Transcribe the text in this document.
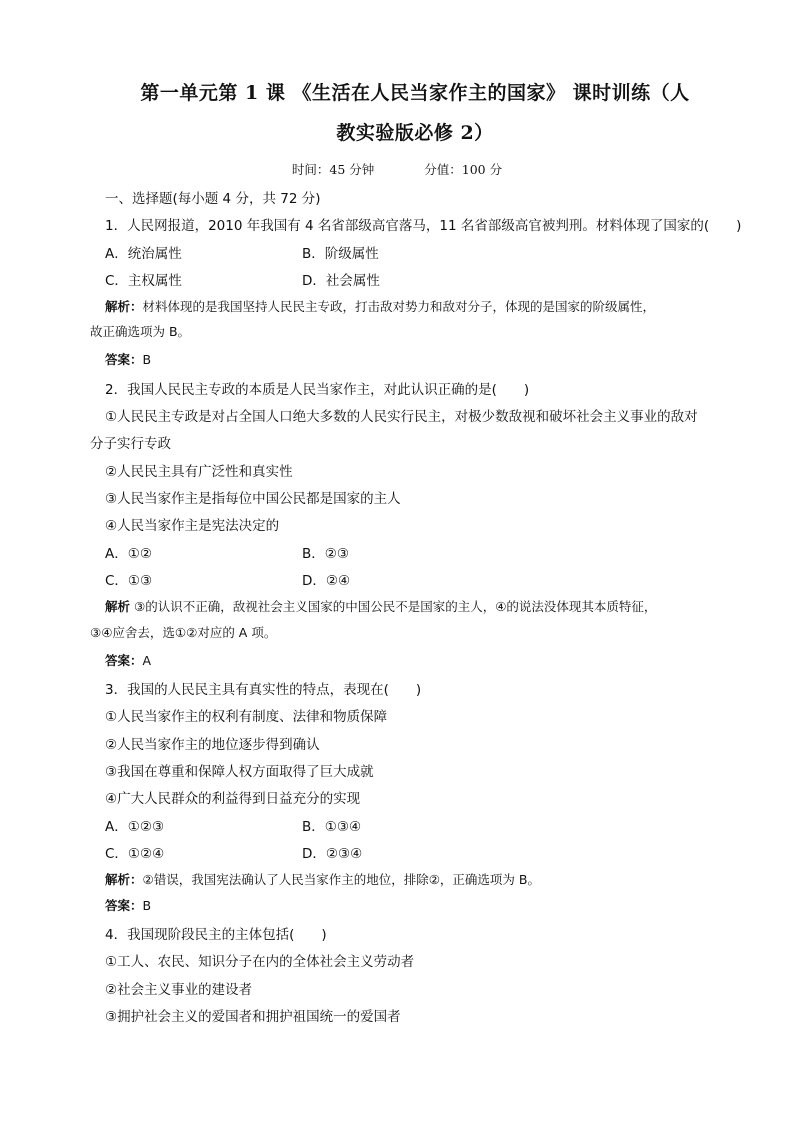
第一单元第 1 课 《生活在人民当家作主的国家》 课时训练（人
教实验版必修 2）
时间：45 分钟	分值：100 分
一、选择题(每小题 4 分，共 72 分)
1．人民网报道，2010 年我国有 4 名省部级高官落马，11 名省部级高官被判刑。材料体现了国家的(　　)
A．统治属性	B．阶级属性
C．主权属性	D．社会属性
解析：材料体现的是我国坚持人民民主专政，打击敌对势力和敌对分子，体现的是国家的阶级属性，
故正确选项为 B。
答案：B
2．我国人民民主专政的本质是人民当家作主，对此认识正确的是(　　)
①人民民主专政是对占全国人口绝大多数的人民实行民主，对极少数敌视和破坏社会主义事业的敌对
分子实行专政
②人民民主具有广泛性和真实性
③人民当家作主是指每位中国公民都是国家的主人
④人民当家作主是宪法决定的
A．①②	B．②③
C．①③	D．②④
解析 ③的认识不正确，敌视社会主义国家的中国公民不是国家的主人，④的说法没体现其本质特征，
③④应舍去，选①②对应的 A 项。
答案：A
3．我国的人民民主具有真实性的特点，表现在(　　)
①人民当家作主的权利有制度、法律和物质保障
②人民当家作主的地位逐步得到确认
③我国在尊重和保障人权方面取得了巨大成就
④广大人民群众的利益得到日益充分的实现
A．①②③	B．①③④
C．①②④	D．②③④
解析：②错误，我国宪法确认了人民当家作主的地位，排除②，正确选项为 B。
答案：B
4．我国现阶段民主的主体包括(　　)
①工人、农民、知识分子在内的全体社会主义劳动者
②社会主义事业的建设者
③拥护社会主义的爱国者和拥护祖国统一的爱国者
